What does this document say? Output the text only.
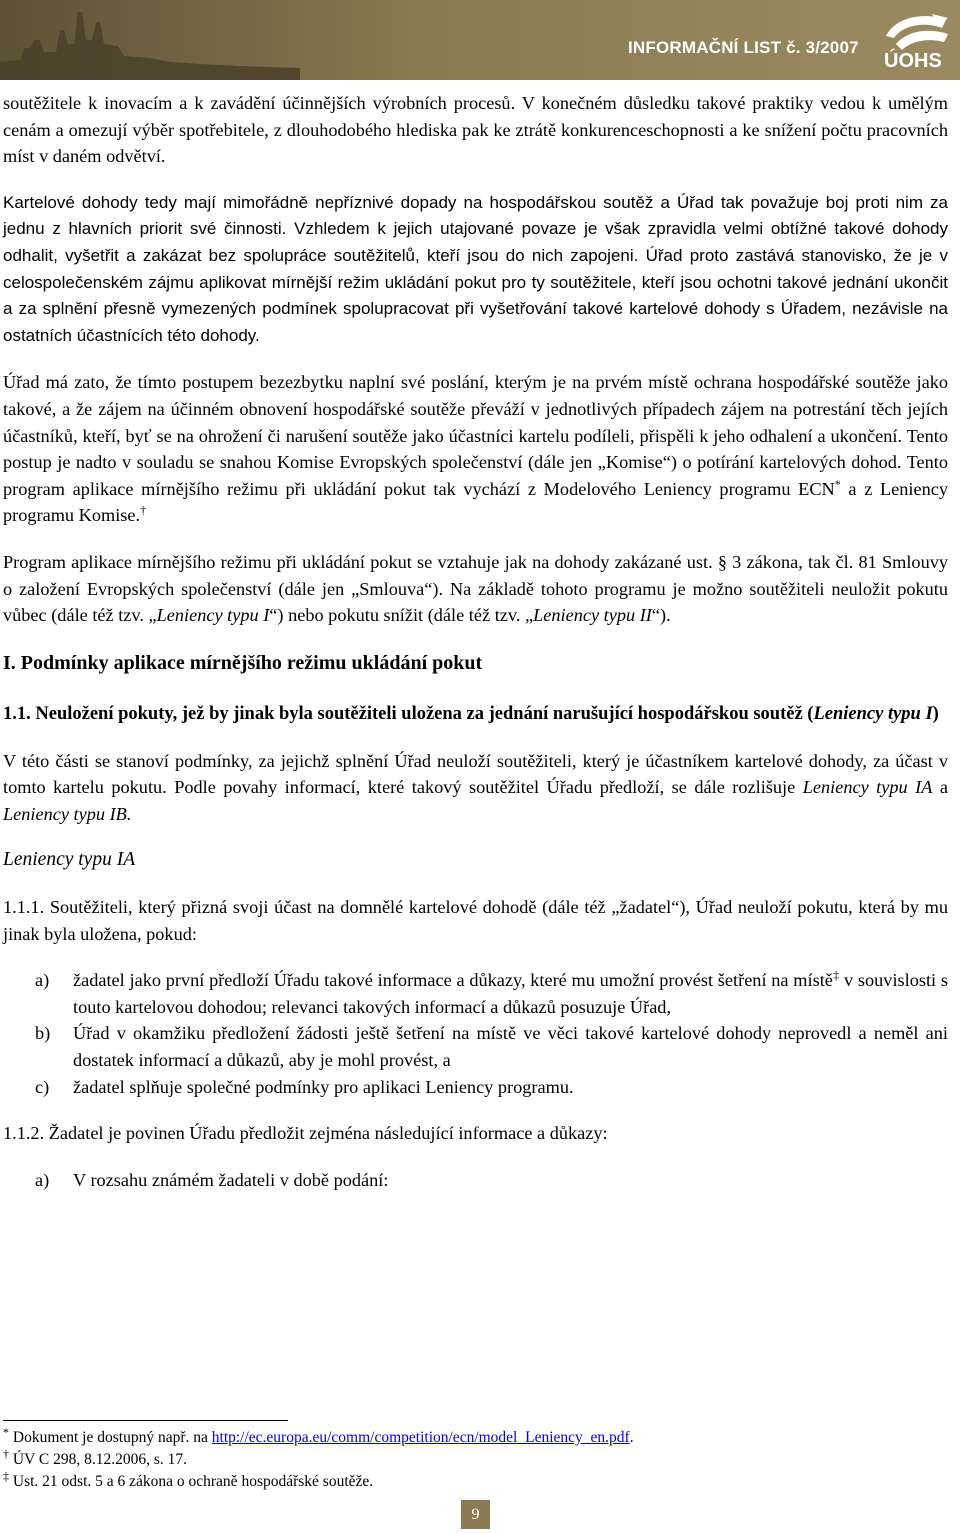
INFORMAČNÍ LIST č. 3/2007
ÚOHS

soutěžitele k inovacím a k zavádění účinnějších výrobních procesů. V konečném důsledku takové praktiky vedou k umělým cenám a omezují výběr spotřebitele, z dlouhodobého hlediska pak ke ztrátě konkurenceschopnosti a ke snížení počtu pracovních míst v daném odvětví.

Kartelové dohody tedy mají mimořádně nepříznivé dopady na hospodářskou soutěž a Úřad tak považuje boj proti nim za jednu z hlavních priorit své činnosti. Vzhledem k jejich utajované povaze je však zpravidla velmi obtížné takové dohody odhalit, vyšetřit a zakázat bez spolupráce soutěžitelů, kteří jsou do nich zapojeni. Úřad proto zastává stanovisko, že je v celospolečenském zájmu aplikovat mírnější režim ukládání pokut pro ty soutěžitele, kteří jsou ochotni takové jednání ukončit a za splnění přesně vymezených podmínek spolupracovat při vyšetřování takové kartelové dohody s Úřadem, nezávisle na ostatních účastnících této dohody.

Úřad má zato, že tímto postupem bezezbytku naplní své poslání, kterým je na prvém místě ochrana hospodářské soutěže jako takové, a že zájem na účinném obnovení hospodářské soutěže převáží v jednotlivých případech zájem na potrestání těch jejích účastníků, kteří, byť se na ohrožení či narušení soutěže jako účastníci kartelu podíleli, přispěli k jeho odhalení a ukončení. Tento postup je nadto v souladu se snahou Komise Evropských společenství (dále jen „Komise“) o potírání kartelových dohod. Tento program aplikace mírnějšího režimu při ukládání pokut tak vychází z Modelového Leniency programu ECN* a z Leniency programu Komise.†

Program aplikace mírnějšího režimu při ukládání pokut se vztahuje jak na dohody zakázané ust. § 3 zákona, tak čl. 81 Smlouvy o založení Evropských společenství (dále jen „Smlouva“). Na základě tohoto programu je možno soutěžiteli neuložit pokutu vůbec (dále též tzv. „Leniency typu I“) nebo pokutu snížit (dále též tzv. „Leniency typu II“).

I. Podmínky aplikace mírnějšího režimu ukládání pokut
1.1. Neuložení pokuty, jež by jinak byla soutěžiteli uložena za jednání narušující hospodářskou soutěž (Leniency typu I)

V této části se stanoví podmínky, za jejichž splnění Úřad neuloží soutěžiteli, který je účastníkem kartelové dohody, za účast v tomto kartelu pokutu. Podle povahy informací, které takový soutěžitel Úřadu předloží, se dále rozlišuje Leniency typu IA a Leniency typu IB.

Leniency typu IA

1.1.1. Soutěžiteli, který přizná svoji účast na domnělé kartelové dohodě (dále též „žadatel“), Úřad neuloží pokutu, která by mu jinak byla uložena, pokud:

a) žadatel jako první předloží Úřadu takové informace a důkazy, které mu umožní provést šetření na místě‡ v souvislosti s touto kartelovou dohodou; relevanci takových informací a důkazů posuzuje Úřad,
b) Úřad v okamžiku předložení žádosti ještě šetření na místě ve věci takové kartelové dohody neprovedl a neměl ani dostatek informací a důkazů, aby je mohl provést, a
c) žadatel splňuje společné podmínky pro aplikaci Leniency programu.

1.1.2. Žadatel je povinen Úřadu předložit zejména následující informace a důkazy:

a) V rozsahu známém žadateli v době podání:

* Dokument je dostupný např. na http://ec.europa.eu/comm/competition/ecn/model_Leniency_en.pdf.

† ÚV C 298, 8.12.2006, s. 17.

‡ Ust. 21 odst. 5 a 6 zákona o ochraně hospodářské soutěže.

9
